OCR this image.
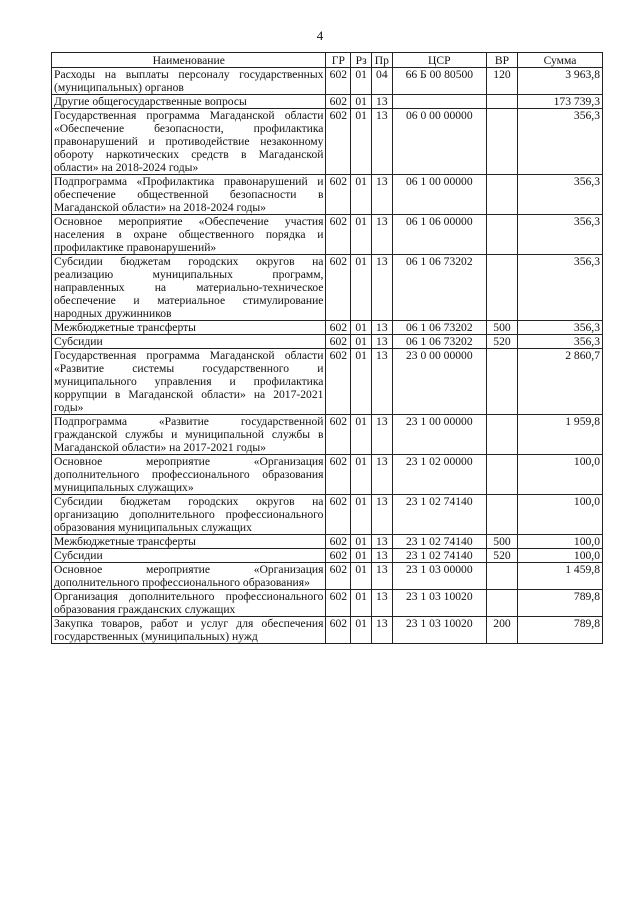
4
Наименование	ГР	Рз	Пр	ЦСР	ВР	Сумма
Расходы на выплаты персоналу государственных (муниципальных) органов	602	01	04	66 Б 00 80500	120	3 963,8
Другие общегосударственные вопросы	602	01	13			173 739,3
Государственная программа Магаданской области «Обеспечение безопасности, профилактика правонарушений и противодействие незаконному обороту наркотических средств в Магаданской области» на 2018-2024 годы»	602	01	13	06 0 00 00000		356,3
Подпрограмма «Профилактика правонарушений и обеспечение общественной безопасности в Магаданской области» на 2018-2024 годы»	602	01	13	06 1 00 00000		356,3
Основное мероприятие «Обеспечение участия населения в охране общественного порядка и профилактике правонарушений»	602	01	13	06 1 06 00000		356,3
Субсидии бюджетам городских округов на реализацию муниципальных программ, направленных на материально-техническое обеспечение и материальное стимулирование народных дружинников	602	01	13	06 1 06 73202		356,3
Межбюджетные трансферты	602	01	13	06 1 06 73202	500	356,3
Субсидии	602	01	13	06 1 06 73202	520	356,3
Государственная программа Магаданской области «Развитие системы государственного и муниципального управления и профилактика коррупции в Магаданской области» на 2017-2021 годы»	602	01	13	23 0 00 00000		2 860,7
Подпрограмма «Развитие государственной гражданской службы и муниципальной службы в Магаданской области» на 2017-2021 годы»	602	01	13	23 1 00 00000		1 959,8
Основное мероприятие «Организация дополнительного профессионального образования муниципальных служащих»	602	01	13	23 1 02 00000		100,0
Субсидии бюджетам городских округов на организацию дополнительного профессионального образования муниципальных служащих	602	01	13	23 1 02 74140		100,0
Межбюджетные трансферты	602	01	13	23 1 02 74140	500	100,0
Субсидии	602	01	13	23 1 02 74140	520	100,0
Основное мероприятие «Организация дополнительного профессионального образования»	602	01	13	23 1 03 00000		1 459,8
Организация дополнительного профессионального образования гражданских служащих	602	01	13	23 1 03 10020		789,8
Закупка товаров, работ и услуг для обеспечения государственных (муниципальных) нужд	602	01	13	23 1 03 10020	200	789,8
